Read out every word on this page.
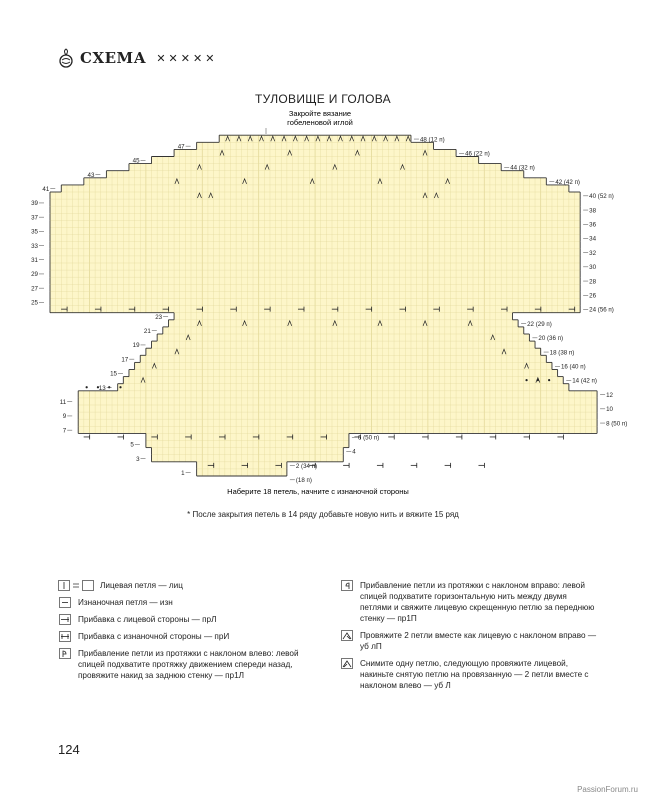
СХЕМА ✕✕✕✕✕
ТУЛОВИЩЕ И ГОЛОВА
Закройте вязание
гобеленовой иглой
Наберите 18 петель, начните с изнаночной стороны
47
45
43
41
39
37
35
33
31
29
27
25
23
21
19
17
15
13
11
9
7
5
3
1
48 (12 п)
46 (22 п)
44 (32 п)
42 (42 п)
40 (52 п)
38
36
34
32
30
28
26
24 (56 п)
22 (29 п)
20 (36 п)
18 (38 п)
16 (40 п)
14 (42 п)
12
10
8 (50 п)
6 (50 п)
4
2 (34 п)
(18 п)
* После закрытия петель в 14 ряду добавьте новую нить и вяжите 15 ряд
Лицевая петля — лиц
Изнаночная петля — изн
Прибавка с лицевой стороны — прЛ
Прибавка с изнаночной стороны — прИ
Прибавление петли из протяжки с наклоном влево: левой спицей подхватите протяжку движением спереди назад, провяжите накид за заднюю стенку — пр1Л
Прибавление петли из протяжки с наклоном вправо: левой спицей подхватите горизонтальную нить между двумя петлями и свяжите лицевую скрещенную петлю за переднюю стенку — пр1П
Провяжите 2 петли вместе как лицевую с наклоном вправо — уб лП
Снимите одну петлю, следующую провяжите лицевой, накиньте снятую петлю на провязанную — 2 петли вместе с наклоном влево — уб Л
124
PassionForum.ru
